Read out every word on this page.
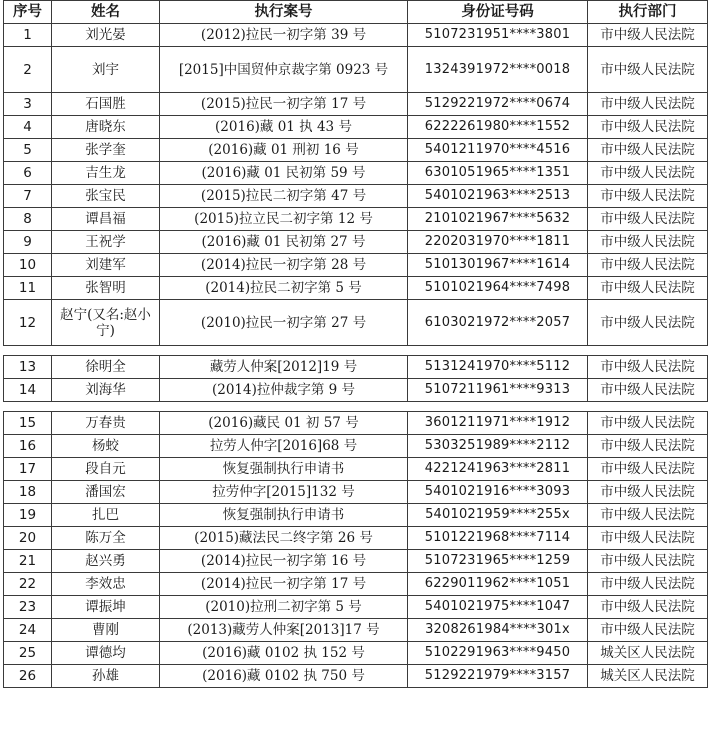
序号	姓名	执行案号	身份证号码	执行部门
1	刘光晏	(2012)拉民一初字第 39 号	5107231951****3801	市中级人民法院
2	刘宇	[2015]中国贸仲京裁字第 0923 号	1324391972****0018	市中级人民法院
3	石国胜	(2015)拉民一初字第 17 号	5129221972****0674	市中级人民法院
4	唐晓东	(2016)藏 01 执 43 号	6222261980****1552	市中级人民法院
5	张学奎	(2016)藏 01 刑初 16 号	5401211970****4516	市中级人民法院
6	吉生龙	(2016)藏 01 民初第 59 号	6301051965****1351	市中级人民法院
7	张宝民	(2015)拉民二初字第 47 号	5401021963****2513	市中级人民法院
8	谭昌福	(2015)拉立民二初字第 12 号	2101021967****5632	市中级人民法院
9	王祝学	(2016)藏 01 民初第 27 号	2202031970****1811	市中级人民法院
10	刘建军	(2014)拉民一初字第 28 号	5101301967****1614	市中级人民法院
11	张智明	(2014)拉民二初字第 5 号	5101021964****7498	市中级人民法院
12	赵宁(又名:赵小宁)	(2010)拉民一初字第 27 号	6103021972****2057	市中级人民法院
13	徐明全	藏劳人仲案[2012]19 号	5131241970****5112	市中级人民法院
14	刘海华	(2014)拉仲裁字第 9 号	5107211961****9313	市中级人民法院
15	万春贵	(2016)藏民 01 初 57 号	3601211971****1912	市中级人民法院
16	杨蛟	拉劳人仲字[2016]68 号	5303251989****2112	市中级人民法院
17	段自元	恢复强制执行申请书	4221241963****2811	市中级人民法院
18	潘国宏	拉劳仲字[2015]132 号	5401021916****3093	市中级人民法院
19	扎巴	恢复强制执行申请书	5401021959****255x	市中级人民法院
20	陈万全	(2015)藏法民二终字第 26 号	5101221968****7114	市中级人民法院
21	赵兴勇	(2014)拉民一初字第 16 号	5107231965****1259	市中级人民法院
22	李效忠	(2014)拉民一初字第 17 号	6229011962****1051	市中级人民法院
23	谭振坤	(2010)拉刑二初字第 5 号	5401021975****1047	市中级人民法院
24	曹刚	(2013)藏劳人仲案[2013]17 号	3208261984****301x	市中级人民法院
25	谭德均	(2016)藏 0102 执 152 号	5102291963****9450	城关区人民法院
26	孙雄	(2016)藏 0102 执 750 号	5129221979****3157	城关区人民法院
